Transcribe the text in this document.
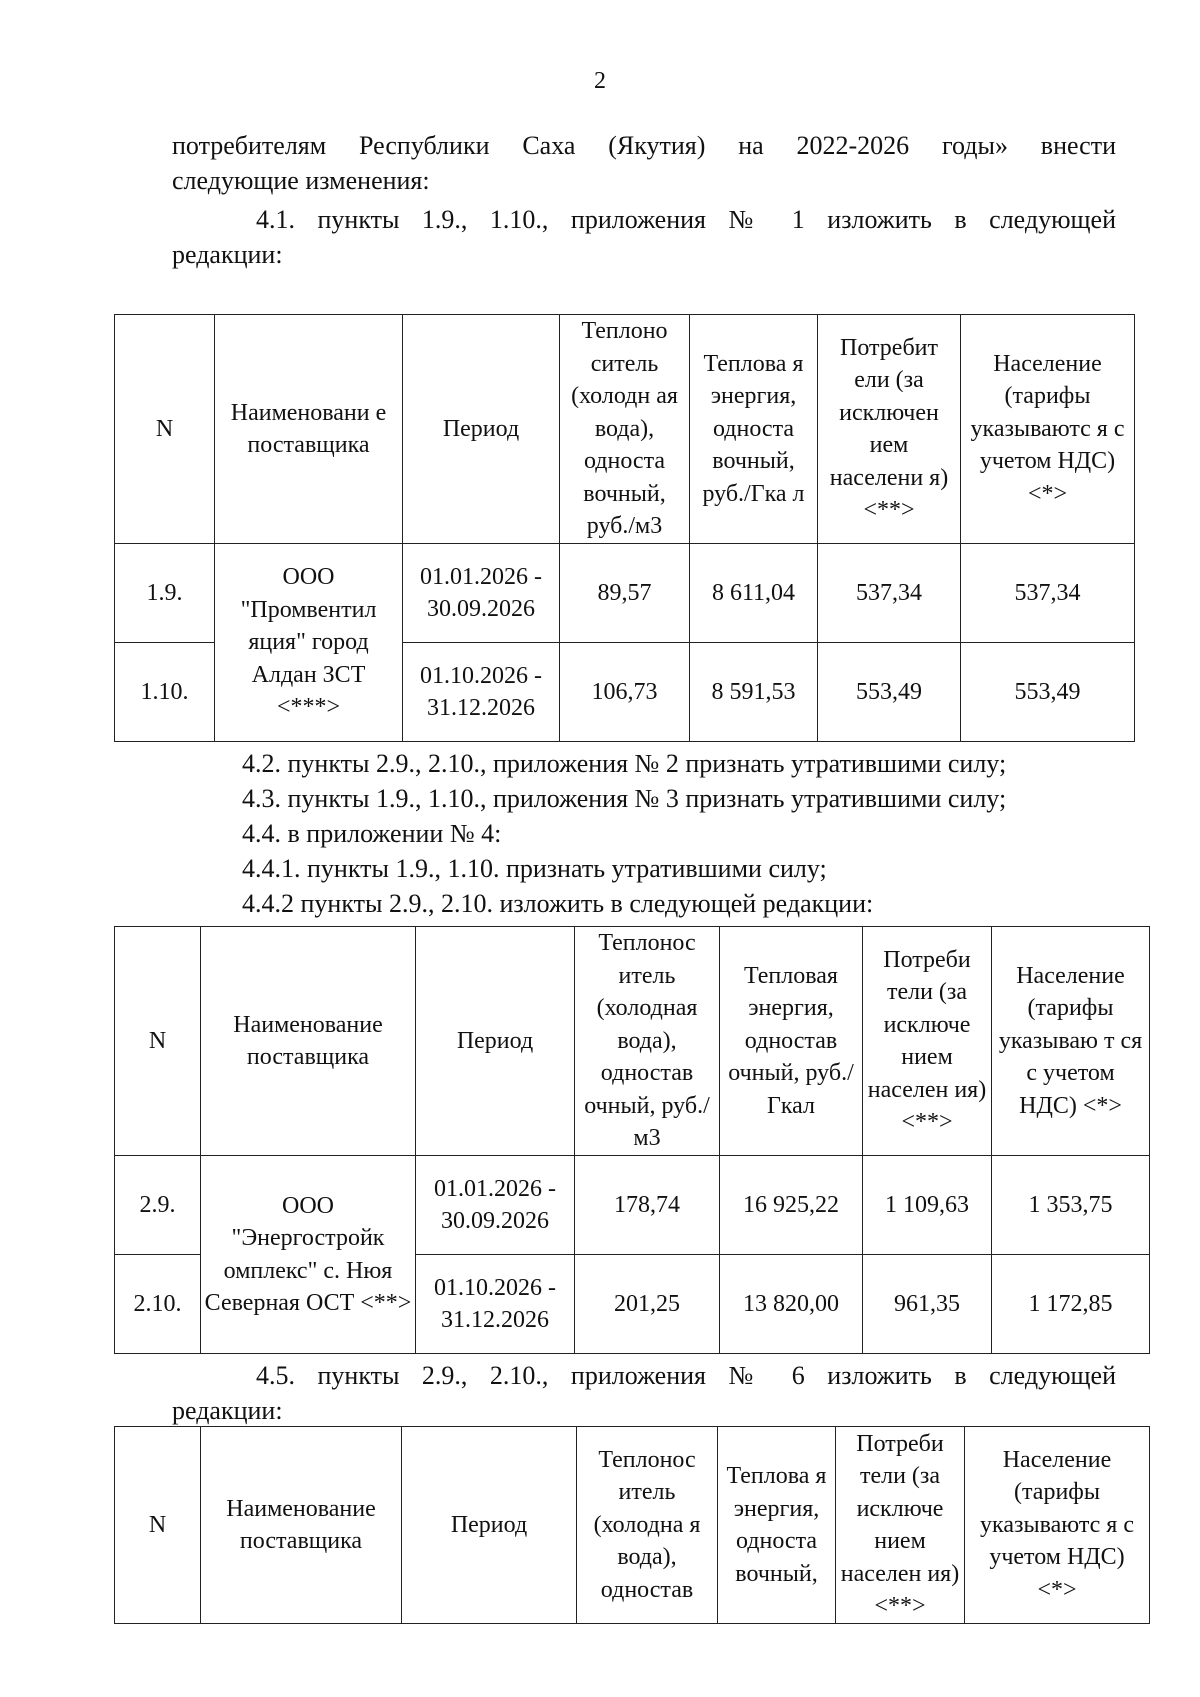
2
потребителям Республики Саха (Якутия) на 2022-2026 годы» внести
следующие изменения:
4.1. пункты 1.9., 1.10., приложения № 1 изложить в следующей
редакции:
N	Наименовани е поставщика	Период	Теплоно ситель (холодн ая вода), односта вочный, руб./м3	Теплова я энергия, односта вочный, руб./Гка л	Потребит ели (за исключен ием населени я) <**>	Население (тарифы указываютс я с учетом НДС) <*>
1.9.	ООО "Промвентил яция" город Алдан ЗСТ <***>	01.01.2026 - 30.09.2026	89,57	8 611,04	537,34	537,34
1.10.		01.10.2026 - 31.12.2026	106,73	8 591,53	553,49	553,49
4.2. пункты 2.9., 2.10., приложения № 2 признать утратившими силу;
4.3. пункты 1.9., 1.10., приложения № 3 признать утратившими силу;
4.4. в приложении № 4:
4.4.1. пункты 1.9., 1.10. признать утратившими силу;
4.4.2 пункты 2.9., 2.10. изложить в следующей редакции:
N	Наименование поставщика	Период	Теплонос итель (холодная вода), одностав очный, руб./м3	Тепловая энергия, одностав очный, руб./Гкал	Потреби тели (за исключе нием населен ия) <**>	Население (тарифы указываю т ся с учетом НДС) <*>
2.9.	ООО "Энергостройк омплекс" с. Нюя Северная ОСТ <**>	01.01.2026 - 30.09.2026	178,74	16 925,22	1 109,63	1 353,75
2.10.		01.10.2026 - 31.12.2026	201,25	13 820,00	961,35	1 172,85
4.5. пункты 2.9., 2.10., приложения № 6 изложить в следующей
редакции:
N	Наименование поставщика	Период	Теплонос итель (холодна я вода), одностав	Теплова я энергия, односта вочный,	Потреби тели (за исключе нием населен ия) <**>	Население (тарифы указываютс я с учетом НДС) <*>
